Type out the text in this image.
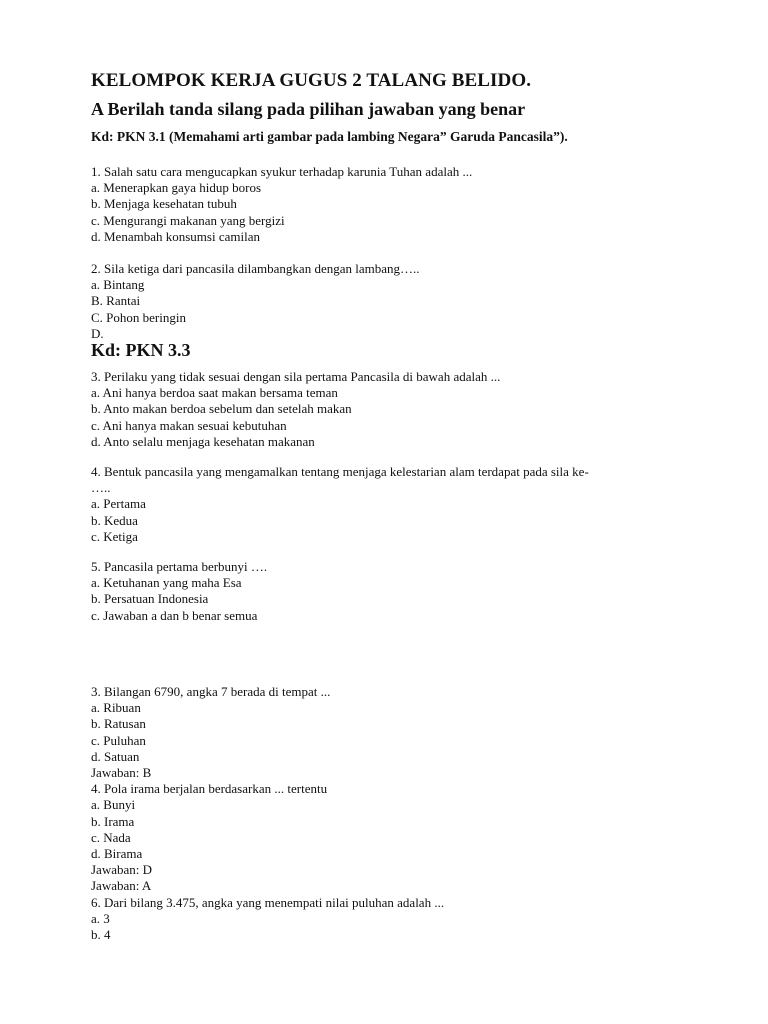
KELOMPOK KERJA GUGUS 2 TALANG BELIDO.
A Berilah tanda silang pada pilihan jawaban yang benar
Kd: PKN 3.1 (Memahami arti gambar pada lambing Negara” Garuda Pancasila”).
1. Salah satu cara mengucapkan syukur terhadap karunia Tuhan adalah ...
a. Menerapkan gaya hidup boros
b. Menjaga kesehatan tubuh
c. Mengurangi makanan yang bergizi
d. Menambah konsumsi camilan
2. Sila ketiga dari pancasila dilambangkan dengan lambang…..
a. Bintang
B. Rantai
C. Pohon beringin
D.
Kd: PKN 3.3
3. Perilaku yang tidak sesuai dengan sila pertama Pancasila di bawah adalah ...
a. Ani hanya berdoa saat makan bersama teman
b. Anto makan berdoa sebelum dan setelah makan
c. Ani hanya makan sesuai kebutuhan
d. Anto selalu menjaga kesehatan makanan
4. Bentuk pancasila yang mengamalkan tentang menjaga kelestarian alam terdapat pada sila ke-
…..
a. Pertama
b. Kedua
c. Ketiga
5. Pancasila pertama berbunyi ….
a. Ketuhanan yang maha Esa
b. Persatuan Indonesia
c. Jawaban a dan b benar semua
3. Bilangan 6790, angka 7 berada di tempat ...
a. Ribuan
b. Ratusan
c. Puluhan
d. Satuan
Jawaban: B
4. Pola irama berjalan berdasarkan ... tertentu
a. Bunyi
b. Irama
c. Nada
d. Birama
Jawaban: D
Jawaban: A
6. Dari bilang 3.475, angka yang menempati nilai puluhan adalah ...
a. 3
b. 4
